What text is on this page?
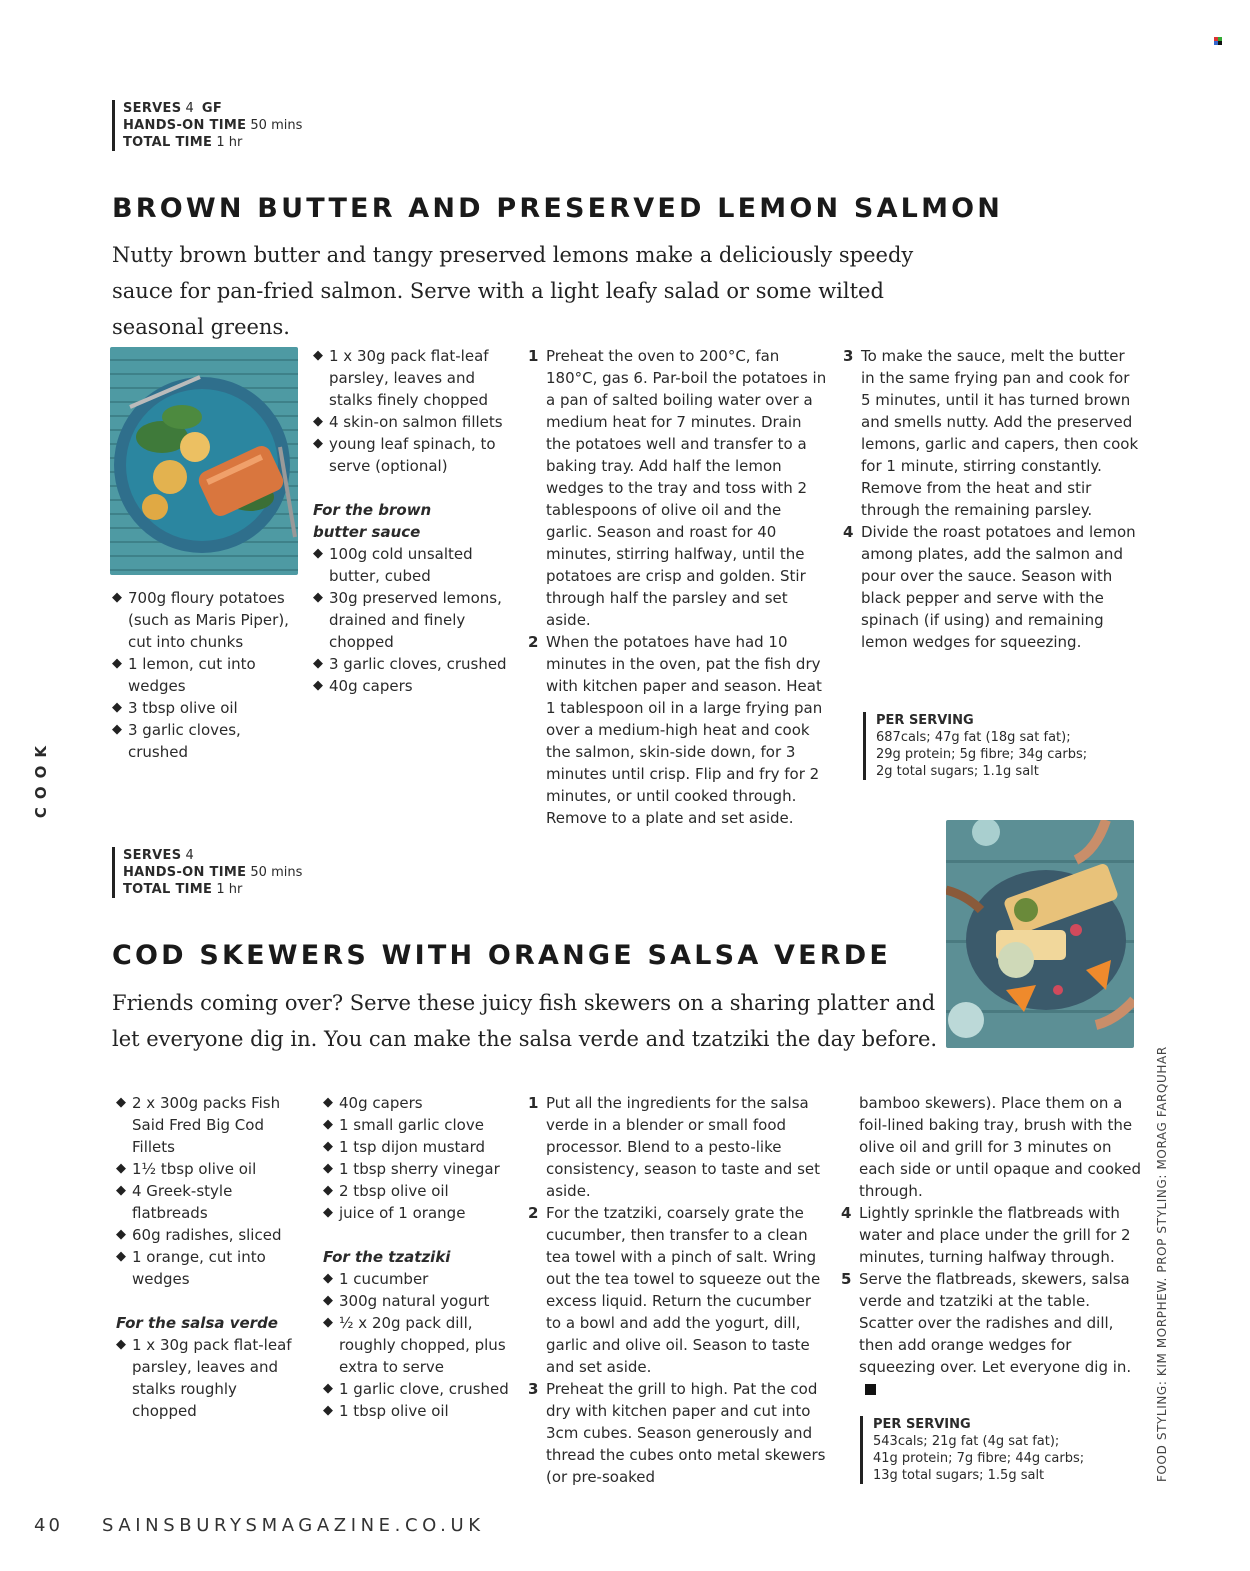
SERVES 4 GF
HANDS-ON TIME 50 mins
TOTAL TIME 1 hr
BROWN BUTTER AND PRESERVED LEMON SALMON
Nutty brown butter and tangy preserved lemons make a deliciously speedy sauce for pan-fried salmon. Serve with a light leafy salad or some wilted seasonal greens.
◆ 700g floury potatoes (such as Maris Piper), cut into chunks
◆ 1 lemon, cut into wedges
◆ 3 tbsp olive oil
◆ 3 garlic cloves, crushed
◆ 1 x 30g pack flat-leaf parsley, leaves and stalks finely chopped
◆ 4 skin-on salmon fillets
◆ young leaf spinach, to serve (optional)

For the brown butter sauce

◆ 100g cold unsalted butter, cubed
◆ 30g preserved lemons, drained and finely chopped
◆ 3 garlic cloves, crushed
◆ 40g capers
1 Preheat the oven to 200°C, fan 180°C, gas 6. Par-boil the potatoes in a pan of salted boiling water over a medium heat for 7 minutes. Drain the potatoes well and transfer to a baking tray. Add half the lemon wedges to the tray and toss with 2 tablespoons of olive oil and the garlic. Season and roast for 40 minutes, stirring halfway, until the potatoes are crisp and golden. Stir through half the parsley and set aside.
2 When the potatoes have had 10 minutes in the oven, pat the fish dry with kitchen paper and season. Heat 1 tablespoon oil in a large frying pan over a medium-high heat and cook the salmon, skin-side down, for 3 minutes until crisp. Flip and fry for 2 minutes, or until cooked through. Remove to a plate and set aside.
3 To make the sauce, melt the butter in the same frying pan and cook for 5 minutes, until it has turned brown and smells nutty. Add the preserved lemons, garlic and capers, then cook for 1 minute, stirring constantly. Remove from the heat and stir through the remaining parsley.
4 Divide the roast potatoes and lemon among plates, add the salmon and pour over the sauce. Season with black pepper and serve with the spinach (if using) and remaining lemon wedges for squeezing.
PER SERVING
687cals; 47g fat (18g sat fat);
29g protein; 5g fibre; 34g carbs;
2g total sugars; 1.1g salt
COOK
SERVES 4
HANDS-ON TIME 50 mins
TOTAL TIME 1 hr
COD SKEWERS WITH ORANGE SALSA VERDE
Friends coming over? Serve these juicy fish skewers on a sharing platter and let everyone dig in. You can make the salsa verde and tzatziki the day before.
◆ 2 x 300g packs Fish Said Fred Big Cod Fillets
◆ 1½ tbsp olive oil
◆ 4 Greek-style flatbreads
◆ 60g radishes, sliced
◆ 1 orange, cut into wedges

For the salsa verde

◆ 1 x 30g pack flat-leaf parsley, leaves and stalks roughly chopped
◆ 40g capers
◆ 1 small garlic clove
◆ 1 tsp dijon mustard
◆ 1 tbsp sherry vinegar
◆ 2 tbsp olive oil
◆ juice of 1 orange

For the tzatziki

◆ 1 cucumber
◆ 300g natural yogurt
◆ ½ x 20g pack dill, roughly chopped, plus extra to serve
◆ 1 garlic clove, crushed
◆ 1 tbsp olive oil
1 Put all the ingredients for the salsa verde in a blender or small food processor. Blend to a pesto-like consistency, season to taste and set aside.
2 For the tzatziki, coarsely grate the cucumber, then transfer to a clean tea towel with a pinch of salt. Wring out the tea towel to squeeze out the excess liquid. Return the cucumber to a bowl and add the yogurt, dill, garlic and olive oil. Season to taste and set aside.
3 Preheat the grill to high. Pat the cod dry with kitchen paper and cut into 3cm cubes. Season generously and thread the cubes onto metal skewers (or pre-soaked
bamboo skewers). Place them on a foil-lined baking tray, brush with the olive oil and grill for 3 minutes on each side or until opaque and cooked through.
4 Lightly sprinkle the flatbreads with water and place under the grill for 2 minutes, turning halfway through.
5 Serve the flatbreads, skewers, salsa verde and tzatziki at the table. Scatter over the radishes and dill, then add orange wedges for squeezing over. Let everyone dig in.
PER SERVING
543cals; 21g fat (4g sat fat);
41g protein; 7g fibre; 44g carbs;
13g total sugars; 1.5g salt	FOOD STYLING: KIM MORPHEW. PROP STYLING: MORAG FARQUHAR
40 SAINSBURYSMAGAZINE.CO.UK
